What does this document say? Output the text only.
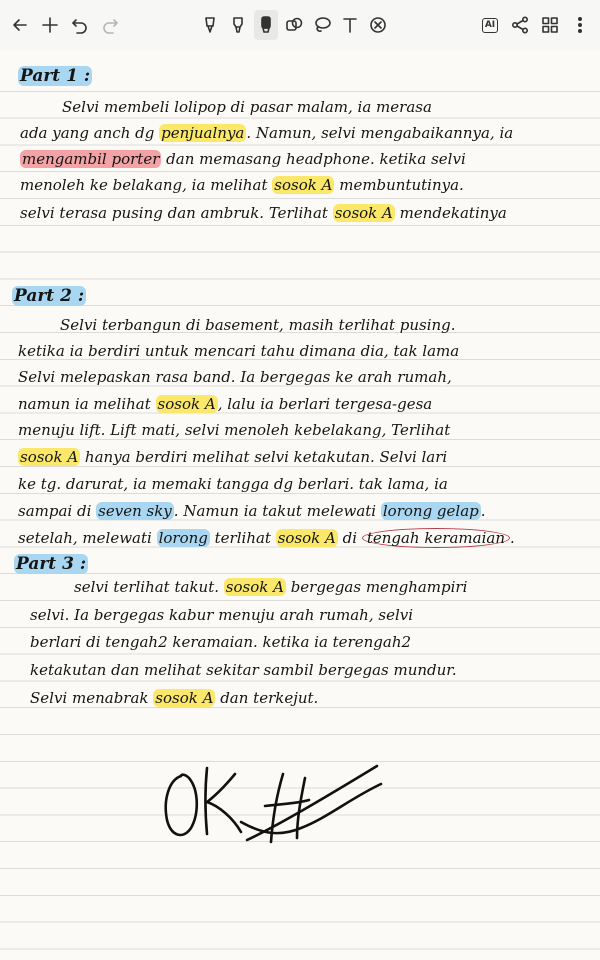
AI
Part 1 :
Selvi membeli lolipop di pasar malam, ia merasa
ada yang anch dg penjualnya . Namun, selvi mengabaikannya, ia
mengambil porter dan memasang headphone. ketika selvi
menoleh ke belakang, ia melihat sosok A membuntutinya.
selvi terasa pusing dan ambruk. Terlihat sosok A mendekatinya
Part 2 :
Selvi terbangun di basement, masih terlihat pusing.
ketika ia berdiri untuk mencari tahu dimana dia, tak lama
Selvi melepaskan rasa band. Ia bergegas ke arah rumah,
namun ia melihat sosok A , lalu ia berlari tergesa-gesa
menuju lift. Lift mati, selvi menoleh kebelakang, Terlihat
sosok A hanya berdiri melihat selvi ketakutan. Selvi lari
ke tg. darurat, ia memaki tangga dg berlari. tak lama, ia
sampai di seven sky . Namun ia takut melewati lorong gelap .
setelah, melewati lorong terlihat sosok A di tengah keramaian .
Part 3 :
selvi terlihat takut. sosok A bergegas menghampiri
selvi. Ia bergegas kabur menuju arah rumah, selvi
berlari di tengah2 keramaian. ketika ia terengah2
ketakutan dan melihat sekitar sambil bergegas mundur.
Selvi menabrak sosok A dan terkejut.
